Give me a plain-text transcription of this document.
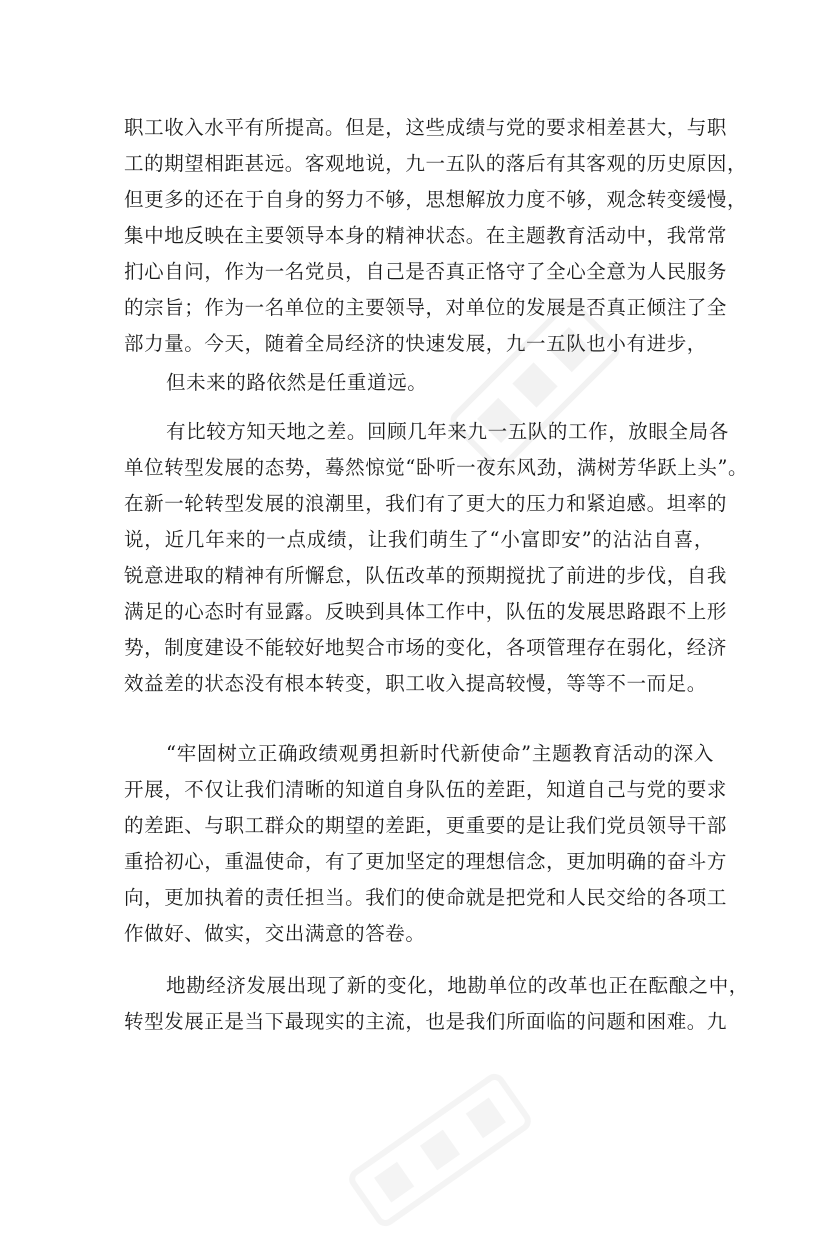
职工收入水平有所提高。但是，这些成绩与党的要求相差甚大，与职
工的期望相距甚远。客观地说，九一五队的落后有其客观的历史原因，
但更多的还在于自身的努力不够，思想解放力度不够，观念转变缓慢，
集中地反映在主要领导本身的精神状态。在主题教育活动中，我常常
扪心自问，作为一名党员，自己是否真正恪守了全心全意为人民服务
的宗旨；作为一名单位的主要领导，对单位的发展是否真正倾注了全
部力量。今天，随着全局经济的快速发展，九一五队也小有进步，
但未来的路依然是任重道远。
有比较方知天地之差。回顾几年来九一五队的工作，放眼全局各
单位转型发展的态势，蓦然惊觉“卧听一夜东风劲，满树芳华跃上头”。
在新一轮转型发展的浪潮里，我们有了更大的压力和紧迫感。坦率的
说，近几年来的一点成绩，让我们萌生了“小富即安”的沾沾自喜，
锐意进取的精神有所懈怠，队伍改革的预期搅扰了前进的步伐，自我
满足的心态时有显露。反映到具体工作中，队伍的发展思路跟不上形
势，制度建设不能较好地契合市场的变化，各项管理存在弱化，经济
效益差的状态没有根本转变，职工收入提高较慢，等等不一而足。
“牢固树立正确政绩观勇担新时代新使命”主题教育活动的深入
开展，不仅让我们清晰的知道自身队伍的差距，知道自己与党的要求
的差距、与职工群众的期望的差距，更重要的是让我们党员领导干部
重拾初心，重温使命，有了更加坚定的理想信念，更加明确的奋斗方
向，更加执着的责任担当。我们的使命就是把党和人民交给的各项工
作做好、做实，交出满意的答卷。
地勘经济发展出现了新的变化，地勘单位的改革也正在酝酿之中，
转型发展正是当下最现实的主流，也是我们所面临的问题和困难。九
